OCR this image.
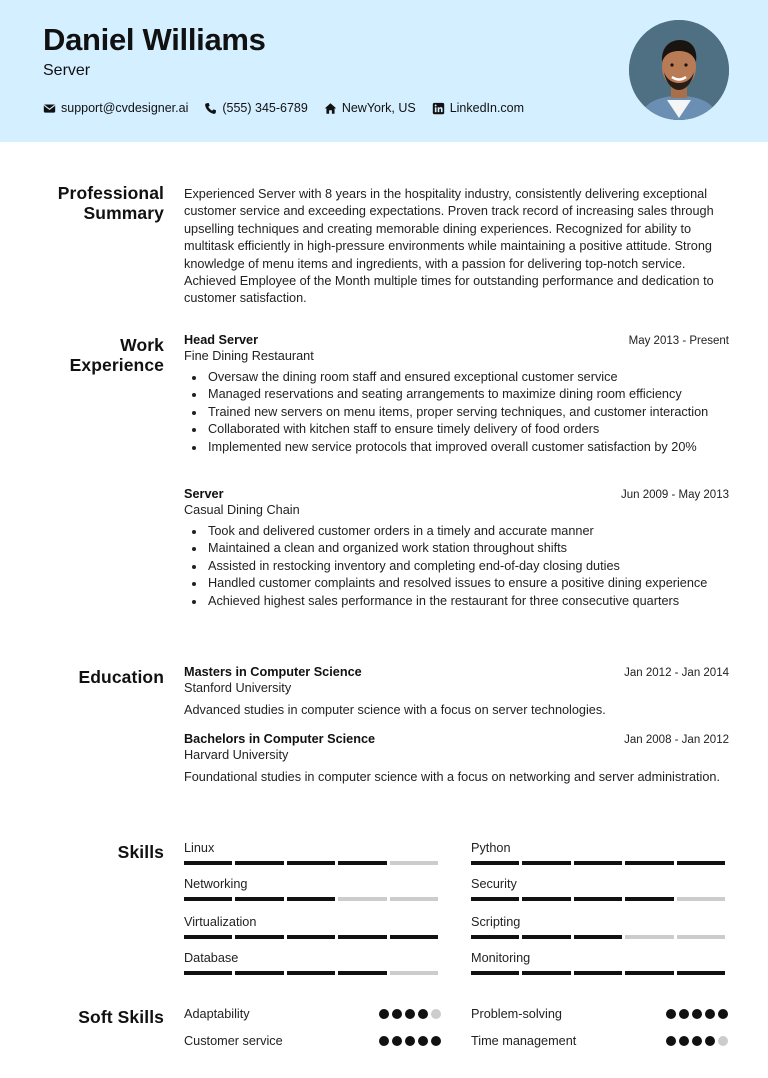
Daniel Williams
Server
support@cvdesigner.ai	(555) 345-6789	NewYork, US	LinkedIn.com
Professional Summary
Experienced Server with 8 years in the hospitality industry, consistently delivering exceptional customer service and exceeding expectations. Proven track record of increasing sales through upselling techniques and creating memorable dining experiences. Recognized for ability to multitask efficiently in high-pressure environments while maintaining a positive attitude. Strong knowledge of menu items and ingredients, with a passion for delivering top-notch service. Achieved Employee of the Month multiple times for outstanding performance and dedication to customer satisfaction.
Work Experience
Head Server	May 2013 - Present
Fine Dining Restaurant
Oversaw the dining room staff and ensured exceptional customer service
Managed reservations and seating arrangements to maximize dining room efficiency
Trained new servers on menu items, proper serving techniques, and customer interaction
Collaborated with kitchen staff to ensure timely delivery of food orders
Implemented new service protocols that improved overall customer satisfaction by 20%
Server	Jun 2009 - May 2013
Casual Dining Chain
Took and delivered customer orders in a timely and accurate manner
Maintained a clean and organized work station throughout shifts
Assisted in restocking inventory and completing end-of-day closing duties
Handled customer complaints and resolved issues to ensure a positive dining experience
Achieved highest sales performance in the restaurant for three consecutive quarters
Education Masters in Computer Science	Jan 2012 - Jan 2014
Stanford University
Advanced studies in computer science with a focus on server technologies.
Bachelors in Computer Science	Jan 2008 - Jan 2012
Harvard University
Foundational studies in computer science with a focus on networking and server administration.
Skills Linux	Python
Networking	Security
Virtualization	Scripting
Database	Monitoring
Soft Skills Adaptability	Problem-solving
Customer service	Time management
